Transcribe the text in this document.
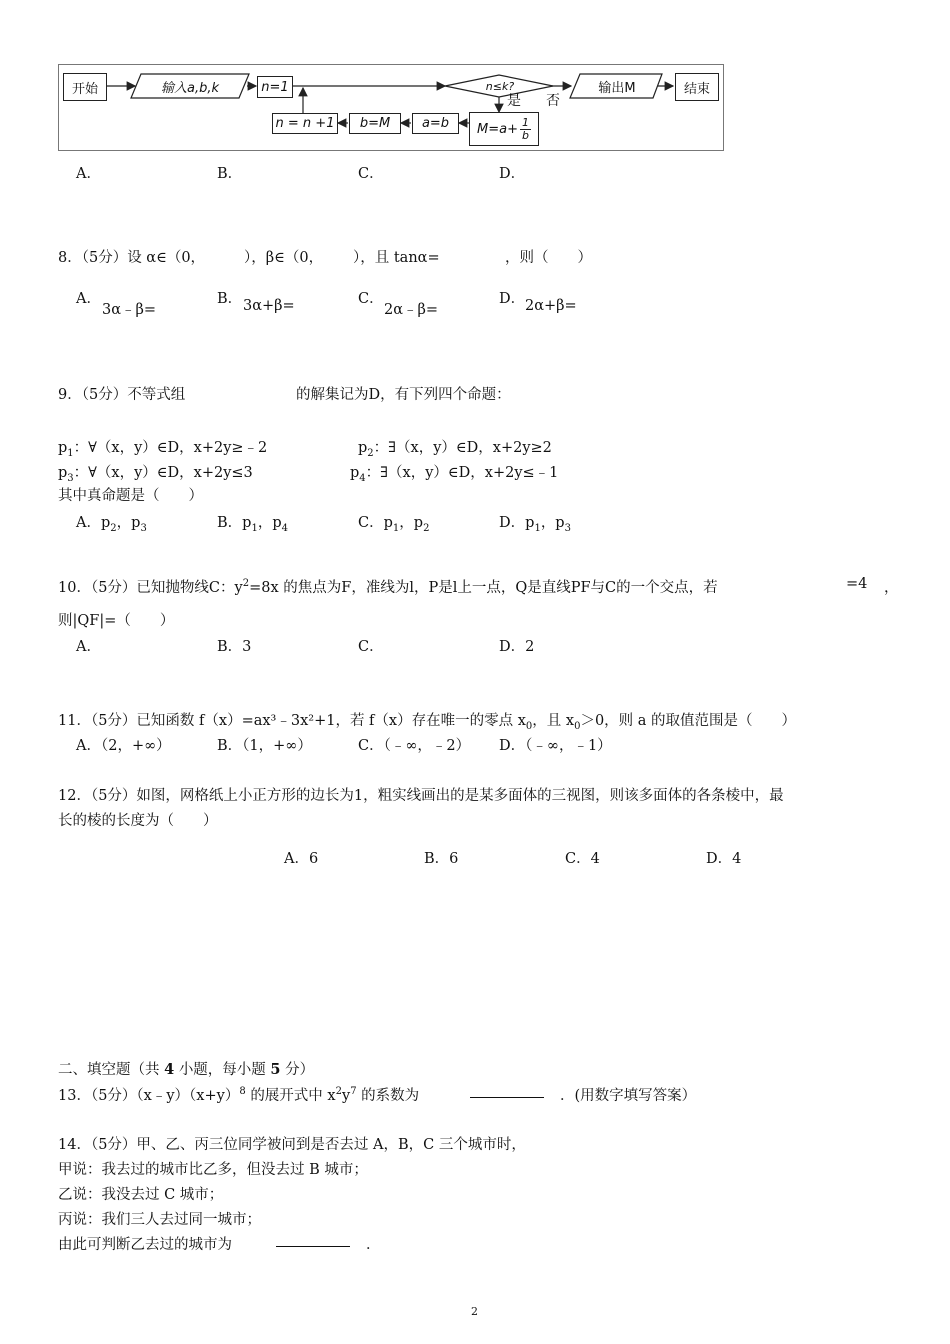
开始	输入a,b,k	n=1	n≤k?
是 否
输出M	结束
n = n +1 b=M a=b $M=a+ \frac{1}{b}$
A．	B．	C．	D．
8．（5分）设 α∈（0，	），β∈（0， ），且 tanα=	，则（　　）
A．
3α﹣β=
B． 3α+β=	C．
2α﹣β=
D． 2α+β=
9．（5分）不等式组	的解集记为D，有下列四个命题：
$p_1$：∀（x，y）∈D，x+2y≥﹣2	$p_2$：∃（x，y）∈D，x+2y≥2
$p_3$：∀（x，y）∈D，x+2y≤3	$p_4$：∃（x，y）∈D，x+2y≤﹣1
其中真命题是（　　）
A．$p_2$，$p_3$	B．$p_1$，$p_4$	C．$p_1$，$p_2$	D．$p_1$，$p_3$
10．（5分）已知抛物线C：$y^2=8x$ 的焦点为F，准线为l，P是l上一点，Q是直线PF与C的一个交点，若	=4 ，
则|QF|=（　　）
A．	B．3	C．	D．2
11．（5分）已知函数 f（x）=ax³﹣3x²+1，若 f（x）存在唯一的零点 $x_0$，且 $x_0>0$，则 a 的取值范围是（　　）
A．（2，+∞）	B．（1，+∞）	C．（﹣∞，﹣2） D．（﹣∞，﹣1）
12．（5分）如图，网格纸上小正方形的边长为1，粗实线画出的是某多面体的三视图，则该多面体的各条棱中，最
长的棱的长度为（　　）
A．6	B．6	C．4	D．4
二、填空题（共 4 小题，每小题 5 分）
13．（5分）$(x﹣y)(x+y)^8$ 的展开式中 $x^2y^7$ 的系数为	．(用数字填写答案）
14．（5分）甲、乙、丙三位同学被问到是否去过 A，B，C 三个城市时，
甲说：我去过的城市比乙多，但没去过 B 城市；
乙说：我没去过 C 城市；
丙说：我们三人去过同一城市；
由此可判断乙去过的城市为	．
2
